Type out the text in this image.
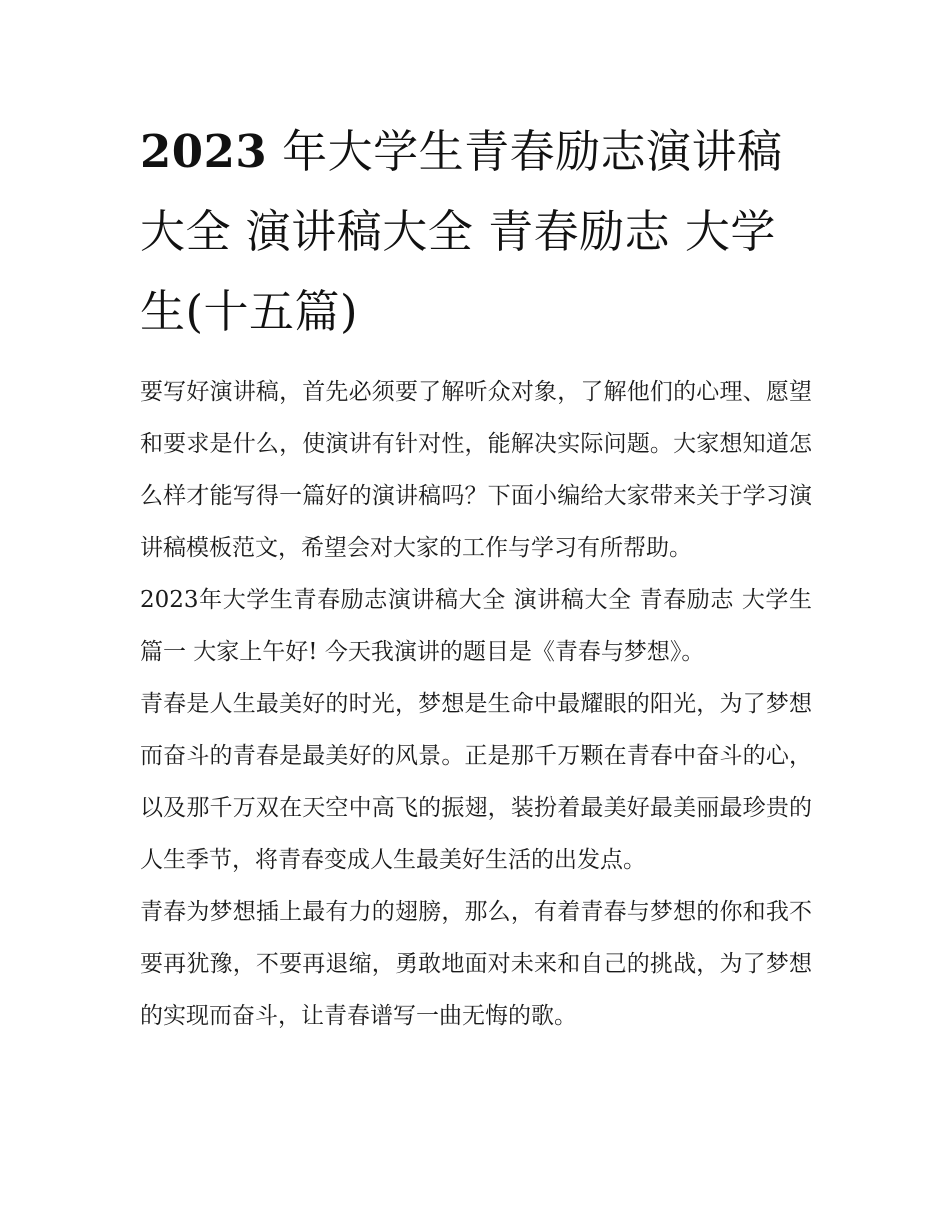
2023 年大学生青春励志演讲稿大全 演讲稿大全 青春励志 大学生(十五篇)

要写好演讲稿，首先必须要了解听众对象，了解他们的心理、愿望和要求是什么，使演讲有针对性，能解决实际问题。大家想知道怎么样才能写得一篇好的演讲稿吗？下面小编给大家带来关于学习演讲稿模板范文，希望会对大家的工作与学习有所帮助。

2023年大学生青春励志演讲稿大全 演讲稿大全 青春励志 大学生篇一 大家上午好! 今天我演讲的题目是《青春与梦想》。

青春是人生最美好的时光，梦想是生命中最耀眼的阳光，为了梦想而奋斗的青春是最美好的风景。正是那千万颗在青春中奋斗的心，以及那千万双在天空中高飞的振翅，装扮着最美好最美丽最珍贵的人生季节，将青春变成人生最美好生活的出发点。

青春为梦想插上最有力的翅膀，那么，有着青春与梦想的你和我不要再犹豫，不要再退缩，勇敢地面对未来和自己的挑战，为了梦想的实现而奋斗，让青春谱写一曲无悔的歌。
